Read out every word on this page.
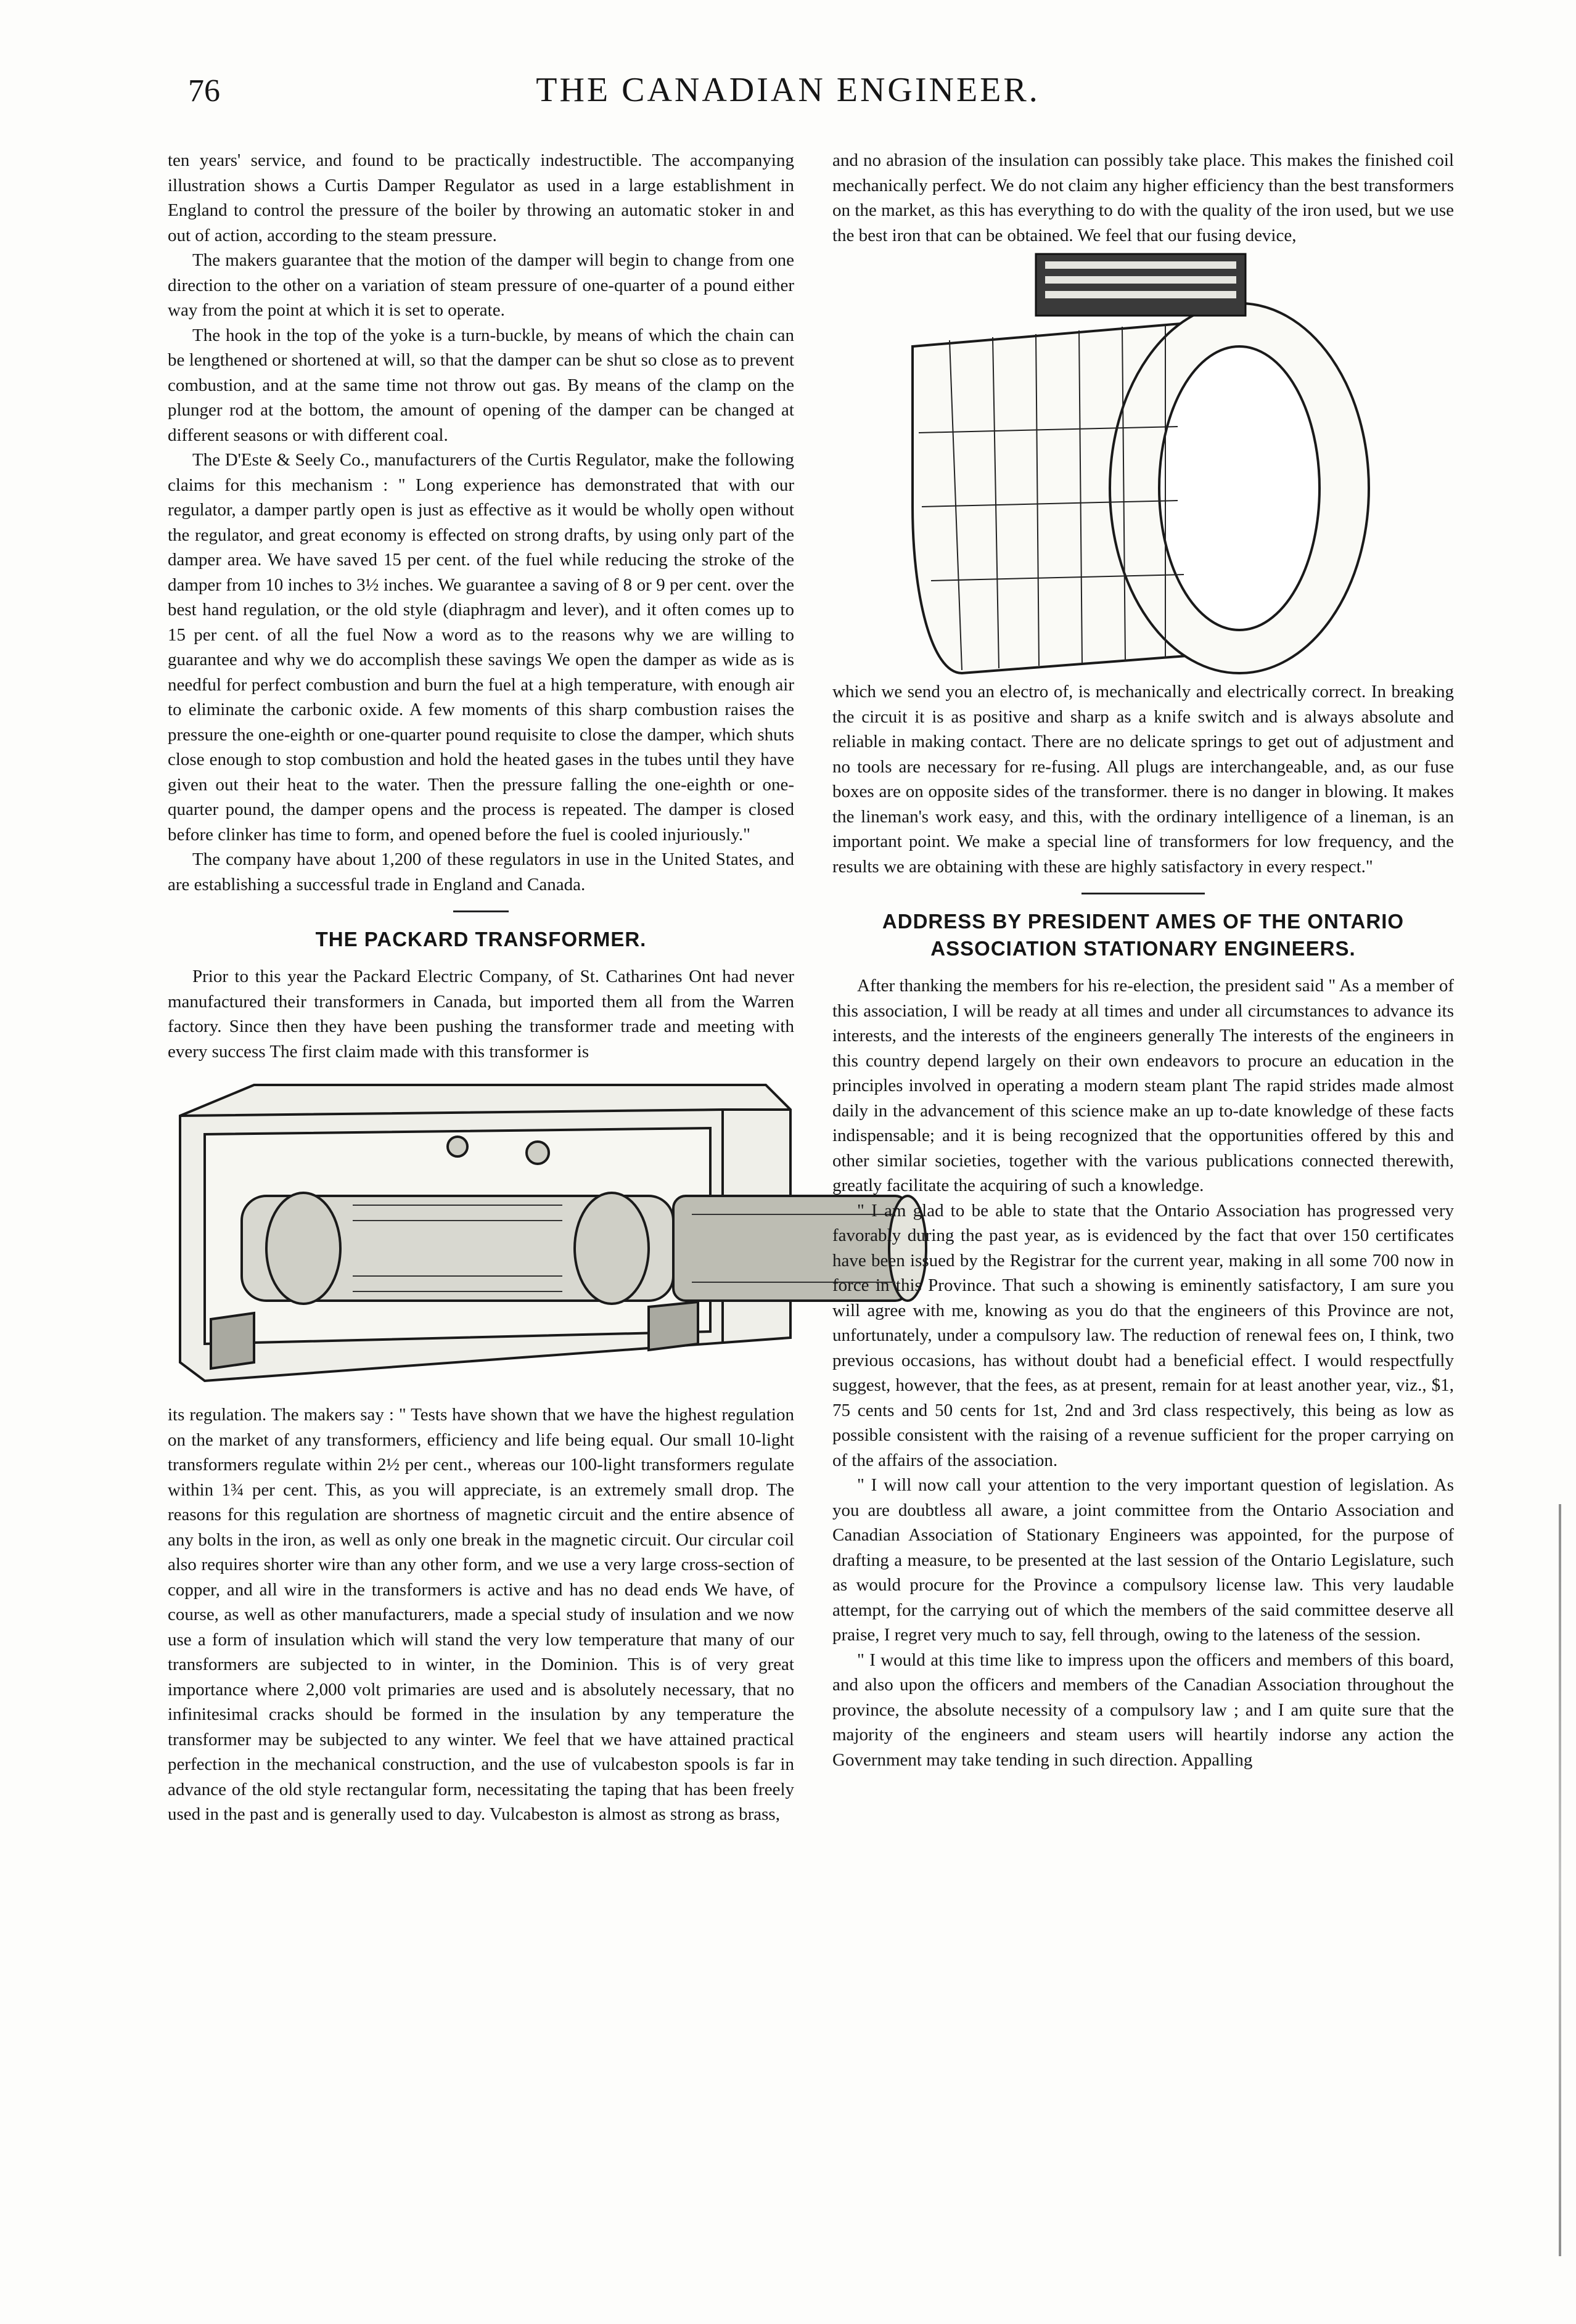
76	THE CANADIAN ENGINEER.

ten years' service, and found to be practically indestructible. The accompanying illustration shows a Curtis Damper Regulator as used in a large establishment in England to control the pressure of the boiler by throwing an automatic stoker in and out of action, according to the steam pressure.

The makers guarantee that the motion of the damper will begin to change from one direction to the other on a variation of steam pressure of one-quarter of a pound either way from the point at which it is set to operate.

The hook in the top of the yoke is a turn-buckle, by means of which the chain can be lengthened or shortened at will, so that the damper can be shut so close as to prevent combustion, and at the same time not throw out gas. By means of the clamp on the plunger rod at the bottom, the amount of opening of the damper can be changed at different seasons or with different coal.

The D'Este & Seely Co., manufacturers of the Curtis Regulator, make the following claims for this mechanism : " Long experience has demonstrated that with our regulator, a damper partly open is just as effective as it would be wholly open without the regulator, and great economy is effected on strong drafts, by using only part of the damper area. We have saved 15 per cent. of the fuel while reducing the stroke of the damper from 10 inches to 3½ inches. We guarantee a saving of 8 or 9 per cent. over the best hand regulation, or the old style (diaphragm and lever), and it often comes up to 15 per cent. of all the fuel Now a word as to the reasons why we are willing to guarantee and why we do accomplish these savings We open the damper as wide as is needful for perfect combustion and burn the fuel at a high temperature, with enough air to eliminate the carbonic oxide. A few moments of this sharp combustion raises the pressure the one-eighth or one-quarter pound requisite to close the damper, which shuts close enough to stop combustion and hold the heated gases in the tubes until they have given out their heat to the water. Then the pressure falling the one-eighth or one-quarter pound, the damper opens and the process is repeated. The damper is closed before clinker has time to form, and opened before the fuel is cooled injuriously."

The company have about 1,200 of these regulators in use in the United States, and are establishing a successful trade in England and Canada.

THE PACKARD TRANSFORMER.

Prior to this year the Packard Electric Company, of St. Catharines Ont had never manufactured their transformers in Canada, but imported them all from the Warren factory. Since then they have been pushing the transformer trade and meeting with every success The first claim made with this transformer is

its regulation. The makers say : " Tests have shown that we have the highest regulation on the market of any transformers, efficiency and life being equal. Our small 10-light transformers regulate within 2½ per cent., whereas our 100-light transformers regulate within 1¾ per cent. This, as you will appreciate, is an extremely small drop. The reasons for this regulation are shortness of magnetic circuit and the entire absence of any bolts in the iron, as well as only one break in the magnetic circuit. Our circular coil also requires shorter wire than any other form, and we use a very large cross-section of copper, and all wire in the transformers is active and has no dead ends We have, of course, as well as other manufacturers, made a special study of insulation and we now use a form of insulation which will stand the very low temperature that many of our transformers are subjected to in winter, in the Dominion. This is of very great importance where 2,000 volt primaries are used and is absolutely necessary, that no infinitesimal cracks should be formed in the insulation by any temperature the transformer may be subjected to any winter. We feel that we have attained practical perfection in the mechanical construction, and the use of vulcabeston spools is far in advance of the old style rectangular form, necessitating the taping that has been freely used in the past and is generally used to day. Vulcabeston is almost as strong as brass,

and no abrasion of the insulation can possibly take place. This makes the finished coil mechanically perfect. We do not claim any higher efficiency than the best transformers on the market, as this has everything to do with the quality of the iron used, but we use the best iron that can be obtained. We feel that our fusing device,

which we send you an electro of, is mechanically and electrically correct. In breaking the circuit it is as positive and sharp as a knife switch and is always absolute and reliable in making contact. There are no delicate springs to get out of adjustment and no tools are necessary for re-fusing. All plugs are interchangeable, and, as our fuse boxes are on opposite sides of the transformer. there is no danger in blowing. It makes the lineman's work easy, and this, with the ordinary intelligence of a lineman, is an important point. We make a special line of transformers for low frequency, and the results we are obtaining with these are highly satisfactory in every respect."

ADDRESS BY PRESIDENT AMES OF THE ONTARIO ASSOCIATION STATIONARY ENGINEERS.

After thanking the members for his re-election, the president said " As a member of this association, I will be ready at all times and under all circumstances to advance its interests, and the interests of the engineers generally The interests of the engineers in this country depend largely on their own endeavors to procure an education in the principles involved in operating a modern steam plant The rapid strides made almost daily in the advancement of this science make an up to-date knowledge of these facts indispensable; and it is being recognized that the opportunities offered by this and other similar societies, together with the various publications connected therewith, greatly facilitate the acquiring of such a knowledge.

" I am glad to be able to state that the Ontario Association has progressed very favorably during the past year, as is evidenced by the fact that over 150 certificates have been issued by the Registrar for the current year, making in all some 700 now in force in this Province. That such a showing is eminently satisfactory, I am sure you will agree with me, knowing as you do that the engineers of this Province are not, unfortunately, under a compulsory law. The reduction of renewal fees on, I think, two previous occasions, has without doubt had a beneficial effect. I would respectfully suggest, however, that the fees, as at present, remain for at least another year, viz., $1, 75 cents and 50 cents for 1st, 2nd and 3rd class respectively, this being as low as possible consistent with the raising of a revenue sufficient for the proper carrying on of the affairs of the association.

" I will now call your attention to the very important question of legislation. As you are doubtless all aware, a joint committee from the Ontario Association and Canadian Association of Stationary Engineers was appointed, for the purpose of drafting a measure, to be presented at the last session of the Ontario Legislature, such as would procure for the Province a compulsory license law. This very laudable attempt, for the carrying out of which the members of the said committee deserve all praise, I regret very much to say, fell through, owing to the lateness of the session.

" I would at this time like to impress upon the officers and members of this board, and also upon the officers and members of the Canadian Association throughout the province, the absolute necessity of a compulsory law ; and I am quite sure that the majority of the engineers and steam users will heartily indorse any action the Government may take tending in such direction. Appalling
